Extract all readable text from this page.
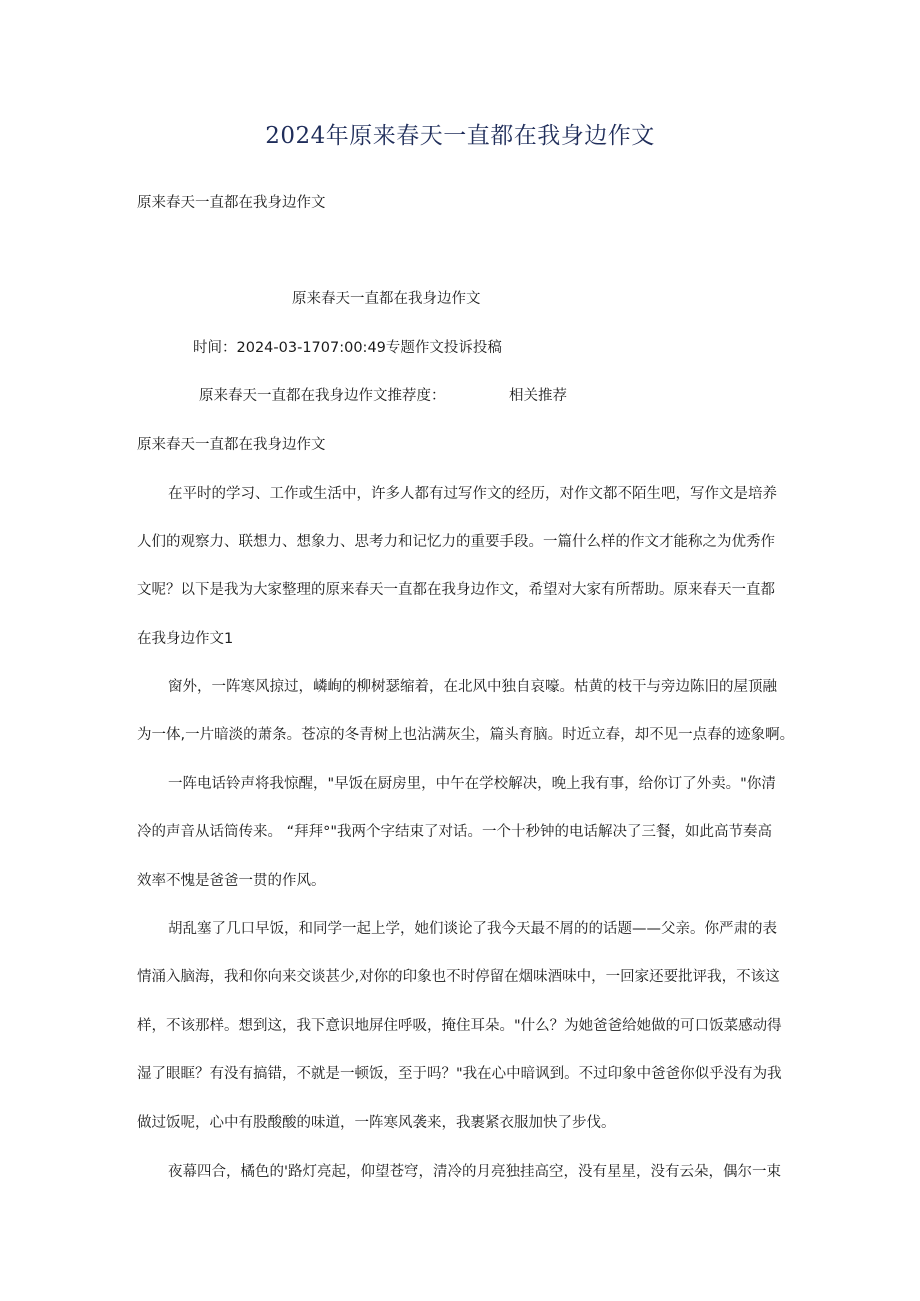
2024年原来春天一直都在我身边作文
原来春天一直都在我身边作文
原来春天一直都在我身边作文
时间：2024-03-1707:00:49专题作文投诉投稿
原来春天一直都在我身边作文推荐度：	相关推荐
原来春天一直都在我身边作文
在平时的学习、工作或生活中，许多人都有过写作文的经历，对作文都不陌生吧，写作文是培养
人们的观察力、联想力、想象力、思考力和记忆力的重要手段。一篇什么样的作文才能称之为优秀作
文呢？以下是我为大家整理的原来春天一直都在我身边作文，希望对大家有所帮助。原来春天一直都
在我身边作文1
窗外，一阵寒风掠过，嶙峋的柳树瑟缩着，在北风中独自哀嚎。枯黄的枝干与旁边陈旧的屋顶融
为一体,一片暗淡的萧条。苍凉的冬青树上也沾满灰尘，篇头育脑。时近立春，却不见一点春的迹象啊。
一阵电话铃声将我惊醒，"早饭在厨房里，中午在学校解决，晚上我有事，给你订了外卖。"你清
冷的声音从话筒传来。 “拜拜°"我两个字结束了对话。一个十秒钟的电话解决了三餐，如此高节奏高
效率不愧是爸爸一贯的作风。
胡乱塞了几口早饭，和同学一起上学，她们谈论了我今天最不屑的的话题——父亲。你严肃的表
情涌入脑海，我和你向来交谈甚少,对你的印象也不时停留在烟味酒味中，一回家还要批评我，不该这
样，不该那样。想到这，我下意识地屏住呼吸，掩住耳朵。"什么？为她爸爸给她做的可口饭菜感动得
湿了眼眶？有没有搞错，不就是一顿饭，至于吗？"我在心中暗讽到。不过印象中爸爸你似乎没有为我
做过饭呢，心中有股酸酸的味道，一阵寒风袭来，我裹紧衣服加快了步伐。
夜幕四合，橘色的'路灯亮起，仰望苍穹，清冷的月亮独挂高空，没有星星，没有云朵，偶尔一束
